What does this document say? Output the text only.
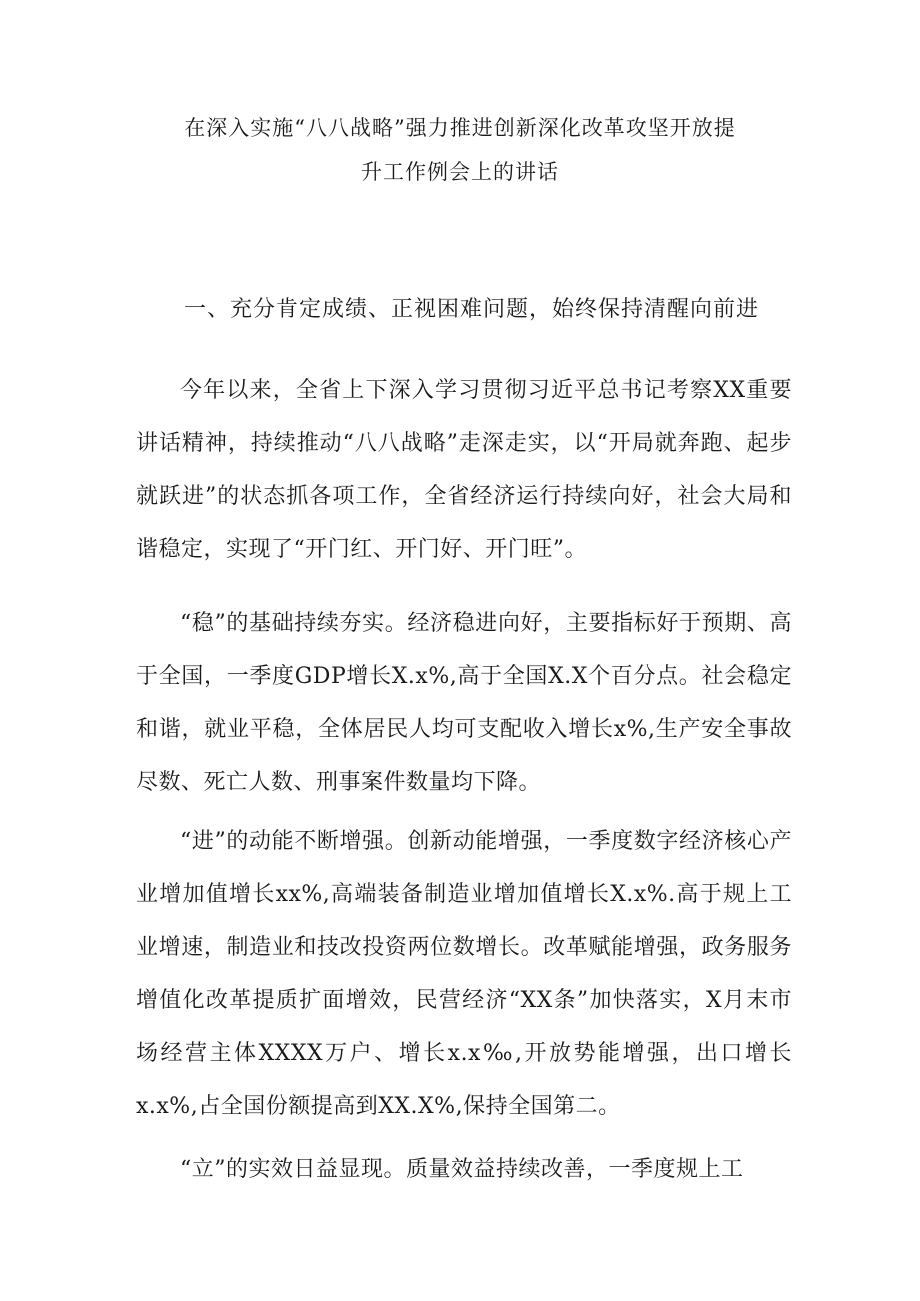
在深入实施“八八战略”强力推进创新深化改革攻坚开放提
升工作例会上的讲话
一、充分肯定成绩、正视困难问题，始终保持清醒向前进
今年以来，全省上下深入学习贯彻习近平总书记考察XX重要讲话精神，持续推动“八八战略”走深走实，以“开局就奔跑、起步就跃进”的状态抓各项工作，全省经济运行持续向好，社会大局和谐稳定，实现了“开门红、开门好、开门旺”。
“稳”的基础持续夯实。经济稳进向好，主要指标好于预期、高于全国，一季度GDP增长X.x%,高于全国X.X个百分点。社会稳定和谐，就业平稳，全体居民人均可支配收入增长x%,生产安全事故尽数、死亡人数、刑事案件数量均下降。
“进”的动能不断增强。创新动能增强，一季度数字经济核心产业增加值增长xx%,高端装备制造业增加值增长X.x%.高于规上工业增速，制造业和技改投资两位数增长。改革赋能增强，政务服务增值化改革提质扩面增效，民营经济“XX条”加快落实，X月末市场经营主体XXXX万户、增长x.x‰,开放势能增强，出口增长x.x%,占全国份额提高到XX.X%,保持全国第二。
“立”的实效日益显现。质量效益持续改善，一季度规上工
